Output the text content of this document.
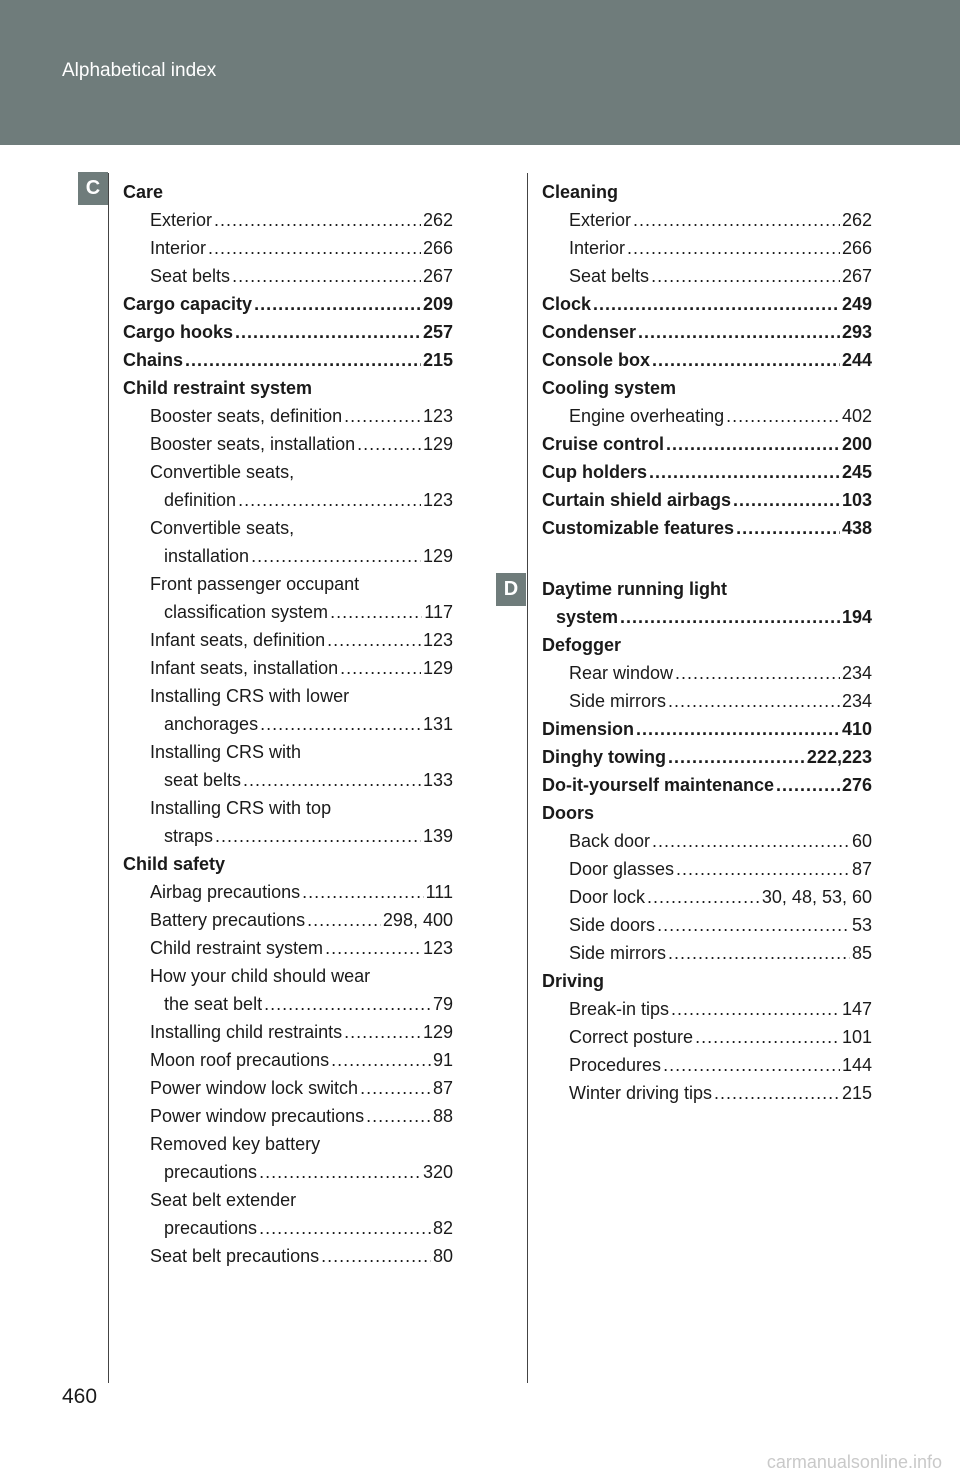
Alphabetical index
C
D
Care
Exterior . . .	262
Interior . . .	266
Seat belts . . .	267
Cargo capacity . . .	209
Cargo hooks . . .	257
Chains . . .	215
Child restraint system
Booster seats, definition . . .	123
Booster seats, installation . . .	129
Convertible seats,
definition . . .	123
Convertible seats,
installation . . .	129
Front passenger occupant
classification system . . .	117
Infant seats, definition . . .	123
Infant seats, installation . . .	129
Installing CRS with lower
anchorages . . .	131
Installing CRS with
seat belts . . .	133
Installing CRS with top
straps . . .	139
Child safety
Airbag precautions . . .	111
Battery precautions . . .	298, 400
Child restraint system . . .	123
How your child should wear
the seat belt . . .	79
Installing child restraints . . .	129
Moon roof precautions . . .	91
Power window lock switch . . .	87
Power window precautions . . .	88
Removed key battery
precautions . . .	320
Seat belt extender
precautions . . .	82
Seat belt precautions . . .	80
Cleaning
Exterior . . .	262
Interior . . .	266
Seat belts . . .	267
Clock . . .	249
Condenser . . .	293
Console box . . .	244
Cooling system
Engine overheating . . .	402
Cruise control . . .	200
Cup holders . . .	245
Curtain shield airbags . . .	103
Customizable features . . .	438
Daytime running light
system . . .	194
Defogger
Rear window . . .	234
Side mirrors . . .	234
Dimension . . .	410
Dinghy towing . . .	222,223
Do-it-yourself maintenance . . .	276
Doors
Back door . . .	60
Door glasses . . .	87
Door lock . . .	30, 48, 53, 60
Side doors . . .	53
Side mirrors . . .	85
Driving
Break-in tips . . .	147
Correct posture . . .	101
Procedures . . .	144
Winter driving tips . . .	215
460
carmanualsonline.info
